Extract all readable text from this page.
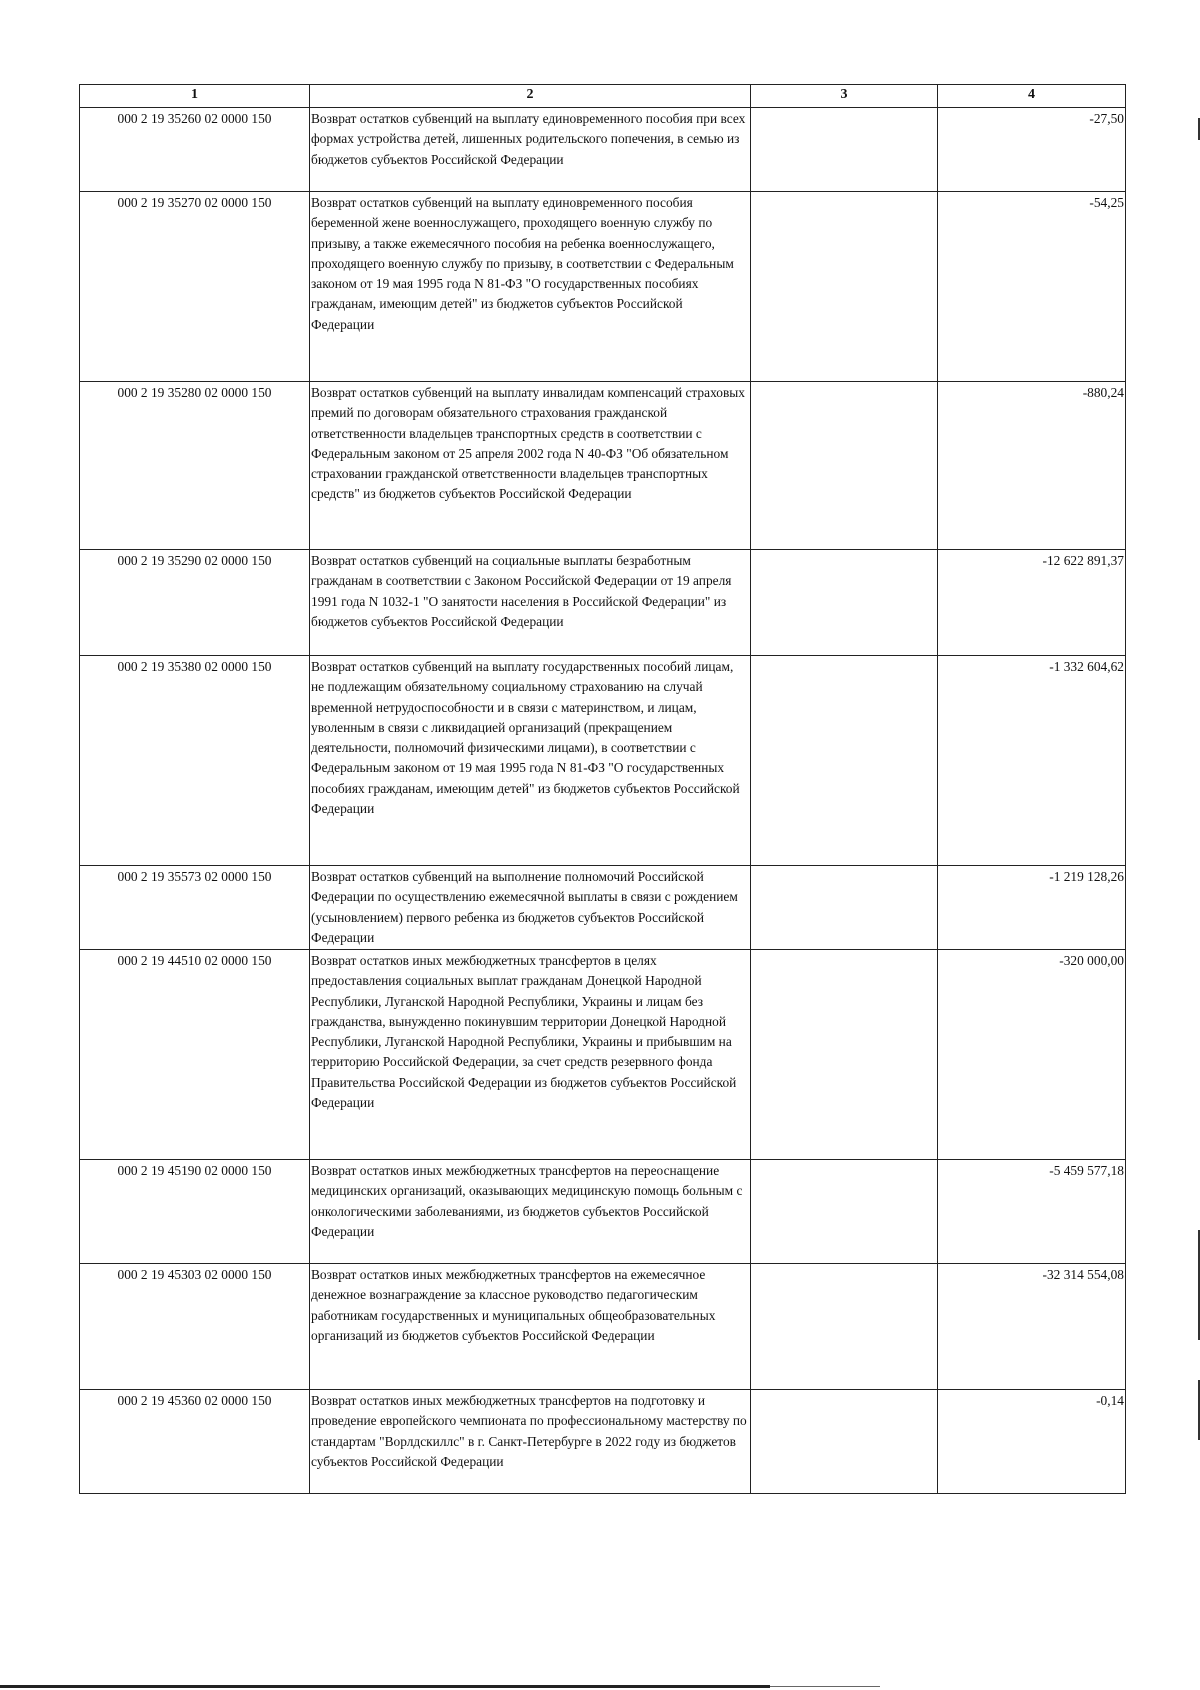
1	2	3	4
000 2 19 35260 02 0000 150	Возврат остатков субвенций на выплату единовременного пособия при всех формах устройства детей, лишенных родительского попечения, в семью из бюджетов субъектов Российской Федерации		-27,50
000 2 19 35270 02 0000 150	Возврат остатков субвенций на выплату единовременного пособия беременной жене военнослужащего, проходящего военную службу по призыву, а также ежемесячного пособия на ребенка военнослужащего, проходящего военную службу по призыву, в соответствии с Федеральным законом от 19 мая 1995 года N 81-ФЗ "О государственных пособиях гражданам, имеющим детей" из бюджетов субъектов Российской Федерации		-54,25
000 2 19 35280 02 0000 150	Возврат остатков субвенций на выплату инвалидам компенсаций страховых премий по договорам обязательного страхования гражданской ответственности владельцев транспортных средств в соответствии с Федеральным законом от 25 апреля 2002 года N 40-ФЗ "Об обязательном страховании гражданской ответственности владельцев транспортных средств" из бюджетов субъектов Российской Федерации		-880,24
000 2 19 35290 02 0000 150	Возврат остатков субвенций на социальные выплаты безработным гражданам в соответствии с Законом Российской Федерации от 19 апреля 1991 года N 1032-1 "О занятости населения в Российской Федерации" из бюджетов субъектов Российской Федерации		-12 622 891,37
000 2 19 35380 02 0000 150	Возврат остатков субвенций на выплату государственных пособий лицам, не подлежащим обязательному социальному страхованию на случай временной нетрудоспособности и в связи с материнством, и лицам, уволенным в связи с ликвидацией организаций (прекращением деятельности, полномочий физическими лицами), в соответствии с Федеральным законом от 19 мая 1995 года N 81-ФЗ "О государственных пособиях гражданам, имеющим детей" из бюджетов субъектов Российской Федерации		-1 332 604,62
000 2 19 35573 02 0000 150	Возврат остатков субвенций на выполнение полномочий Российской Федерации по осуществлению ежемесячной выплаты в связи с рождением (усыновлением) первого ребенка из бюджетов субъектов Российской Федерации		-1 219 128,26
000 2 19 44510 02 0000 150	Возврат остатков иных межбюджетных трансфертов в целях предоставления социальных выплат гражданам Донецкой Народной Республики, Луганской Народной Республики, Украины и лицам без гражданства, вынужденно покинувшим территории Донецкой Народной Республики, Луганской Народной Республики, Украины и прибывшим на территорию Российской Федерации, за счет средств резервного фонда Правительства Российской Федерации из бюджетов субъектов Российской Федерации		-320 000,00
000 2 19 45190 02 0000 150	Возврат остатков иных межбюджетных трансфертов на переоснащение медицинских организаций, оказывающих медицинскую помощь больным с онкологическими заболеваниями, из бюджетов субъектов Российской Федерации		-5 459 577,18
000 2 19 45303 02 0000 150	Возврат остатков иных межбюджетных трансфертов на ежемесячное денежное вознаграждение за классное руководство педагогическим работникам государственных и муниципальных общеобразовательных организаций из бюджетов субъектов Российской Федерации		-32 314 554,08
000 2 19 45360 02 0000 150	Возврат остатков иных межбюджетных трансфертов на подготовку и проведение европейского чемпионата по профессиональному мастерству по стандартам "Ворлдскиллс" в г. Санкт-Петербурге в 2022 году из бюджетов субъектов Российской Федерации		-0,14
